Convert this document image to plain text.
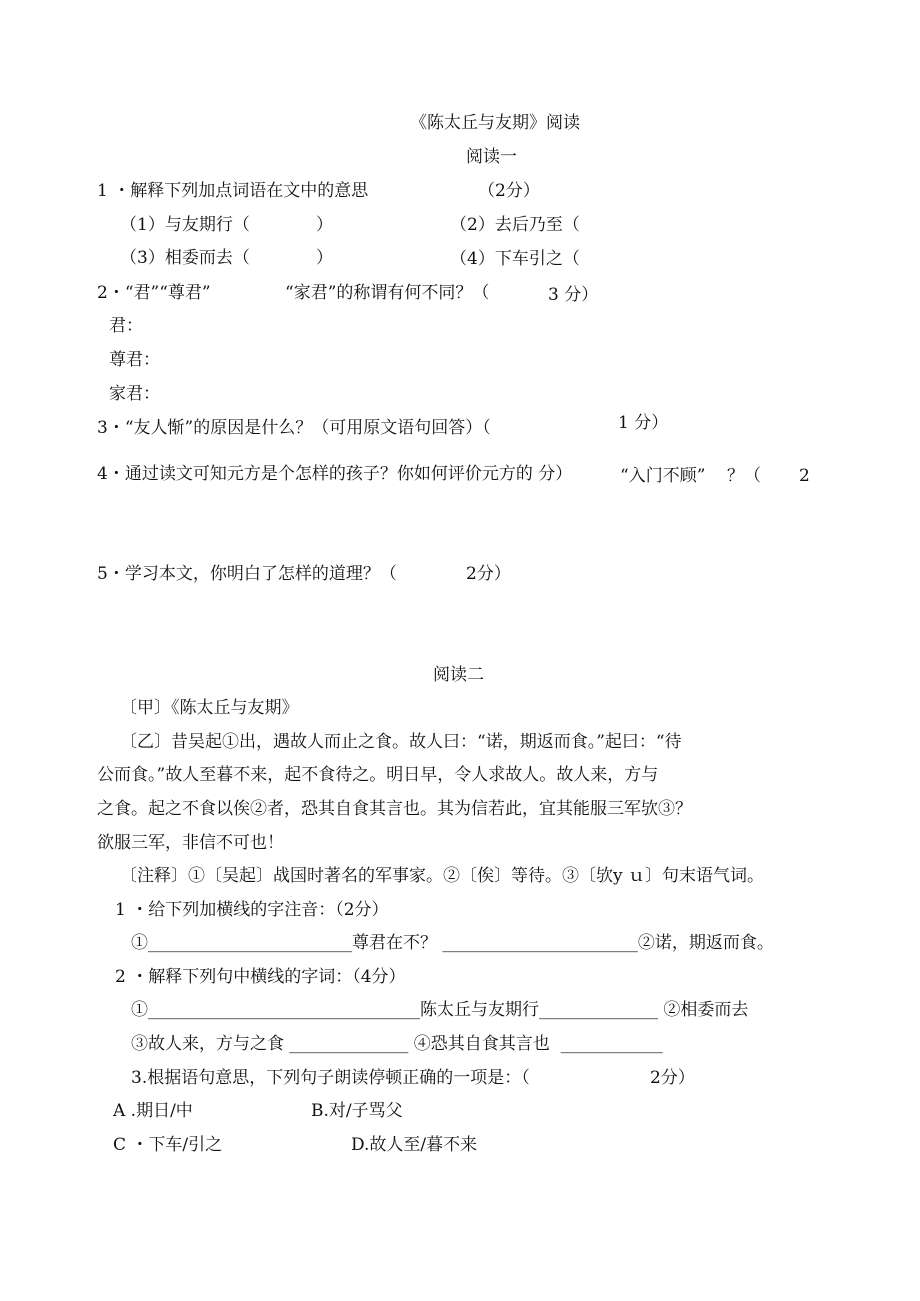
《陈太丘与友期》阅读
阅读一
1 ・解释下列加点词语在文中的意思	（2分）
（1）与友期行（	）	（2）去后乃至（
（3）相委而去（	）	（4）下车引之（
2・“君”“尊君”	“家君”的称谓有何不同？（	3 分）
君：
尊君：
家君：
3・“友人惭”的原因是什么？（可用原文语句回答）（	1 分）
4・通过读文可知元方是个怎样的孩子？你如何评价元方的 分）	“入门不顾” ？（ 2
5・学习本文，你明白了怎样的道理？（	2分）
阅读二
〔甲〕《陈太丘与友期》
〔乙〕昔吴起①出，遇故人而止之食。故人曰：“诺，期返而食。”起曰：“待
公而食。”故人至暮不来，起不食待之。明日早，令人求故人。故人来，方与
之食。起之不食以俟②者，恐其自食其言也。其为信若此，宜其能服三军欤③？
欲服三军，非信不可也！
〔注释〕①〔吴起〕战国时著名的军事家。②〔俟〕等待。③〔欤y ｕ〕句末语气词。
1 ・给下列加横线的字注音：（2分）
①________________________尊君在不？ _______________________②诺，期返而食。
2 ・解释下列句中横线的字词：（4分）
①________________________________陈太丘与友期行______________ ②相委而去
③故人来，方与之食 ______________ ④恐其自食其言也  ____________
3.根据语句意思，下列句子朗读停顿正确的一项是：（	2分）
A .期日/中	B.对/子骂父
C ・下车/引之	D.故人至/暮不来
